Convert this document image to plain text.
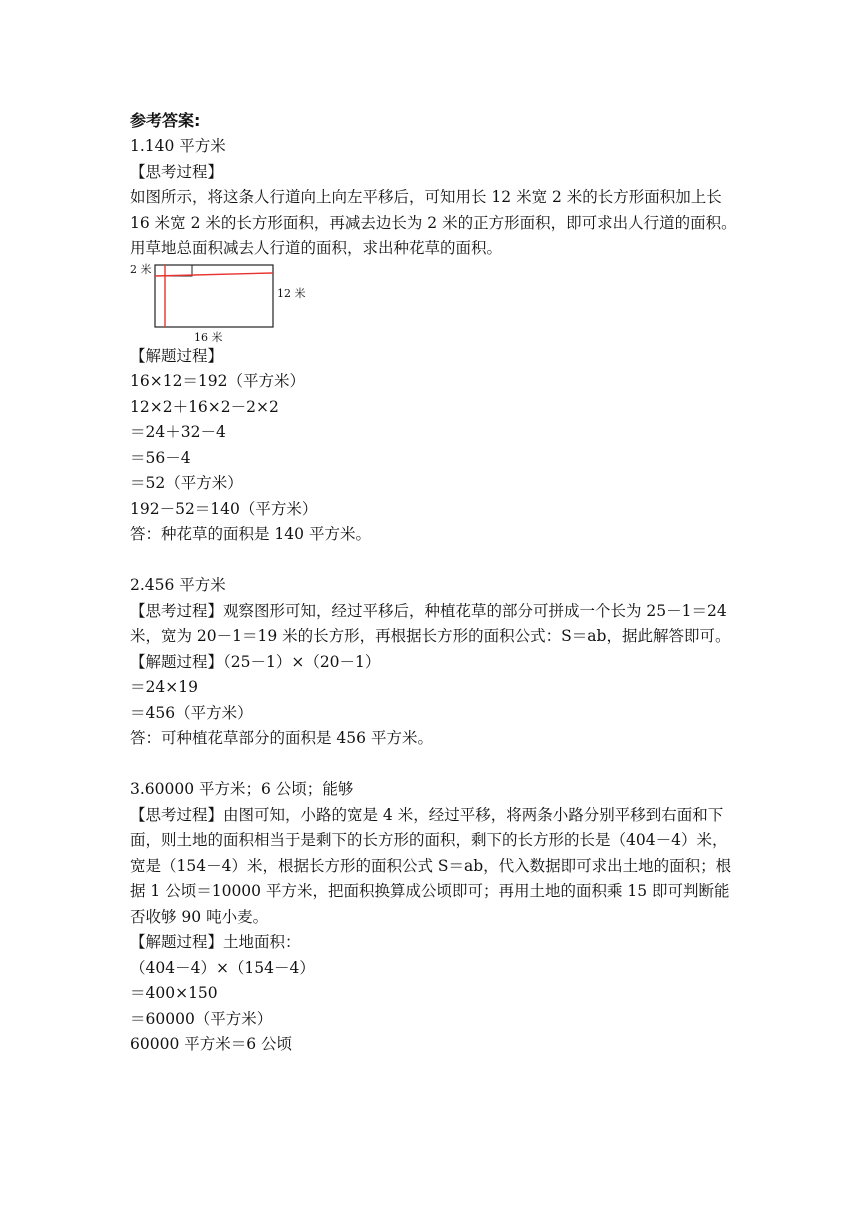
参考答案:
1.140 平方米
【思考过程】
如图所示，将这条人行道向上向左平移后，可知用长 12 米宽 2 米的长方形面积加上长 16 米宽 2 米的长方形面积，再减去边长为 2 米的正方形面积，即可求出人行道的面积。用草地总面积减去人行道的面积，求出种花草的面积。
2 米
12 米
16 米
【解题过程】
16×12＝192（平方米）
12×2＋16×2－2×2
＝24＋32－4
＝56－4
＝52（平方米）
192－52＝140（平方米）
答：种花草的面积是 140 平方米。
2.456 平方米
【思考过程】观察图形可知，经过平移后，种植花草的部分可拼成一个长为 25－1＝24 米，宽为 20－1＝19 米的长方形，再根据长方形的面积公式：S＝ab，据此解答即可。
【解题过程】（25－1）×（20－1）
＝24×19
＝456（平方米）
答：可种植花草部分的面积是 456 平方米。
3.60000 平方米；6 公顷；能够
【思考过程】由图可知，小路的宽是 4 米，经过平移，将两条小路分别平移到右面和下面，则土地的面积相当于是剩下的长方形的面积，剩下的长方形的长是（404－4）米，宽是（154－4）米，根据长方形的面积公式 S＝ab，代入数据即可求出土地的面积；根据 1 公顷＝10000 平方米，把面积换算成公顷即可；再用土地的面积乘 15 即可判断能否收够 90 吨小麦。
【解题过程】土地面积：
（404－4）×（154－4）
＝400×150
＝60000（平方米）
60000 平方米＝6 公顷
